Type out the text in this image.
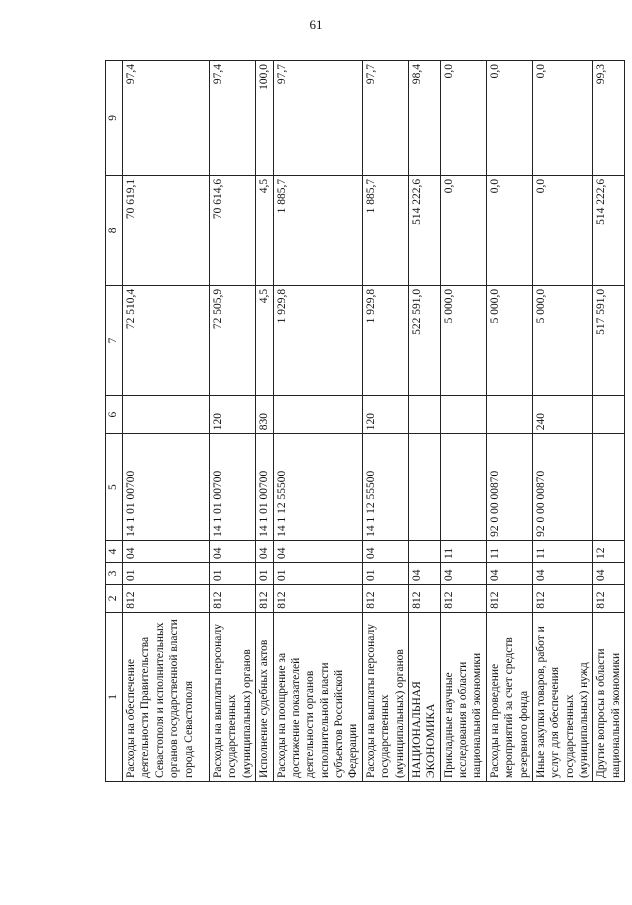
61
1	2	3	4	5	6	7	8	9
Расходы на обеспечение деятельности Правительства Севастополя и исполнительных органов государственной власти города Севастополя	812	01	04	14 1 01 00700		72 510,4	70 619,1	97,4
Расходы на выплаты персоналу государственных (муниципальных) органов	812	01	04	14 1 01 00700	120	72 505,9	70 614,6	97,4
Исполнение судебных актов	812	01	04	14 1 01 00700	830	4,5	4,5	100,0
Расходы на поощрение за достижение показателей деятельности органов исполнительной власти субъектов Российской Федерации	812	01	04	14 1 12 55500		1 929,8	1 885,7	97,7
Расходы на выплаты персоналу государственных (муниципальных) органов	812	01	04	14 1 12 55500	120	1 929,8	1 885,7	97,7
НАЦИОНАЛЬНАЯ ЭКОНОМИКА	812	04				522 591,0	514 222,6	98,4
Прикладные научные исследования в области национальной экономики	812	04	11			5 000,0	0,0	0,0
Расходы на проведение мероприятий за счет средств резервного фонда	812	04	11	92 0 00 00870		5 000,0	0,0	0,0
Иные закупки товаров, работ и услуг для обеспечения государственных (муниципальных) нужд	812	04	11	92 0 00 00870	240	5 000,0	0,0	0,0
Другие вопросы в области национальной экономики	812	04	12			517 591,0	514 222,6	99,3
